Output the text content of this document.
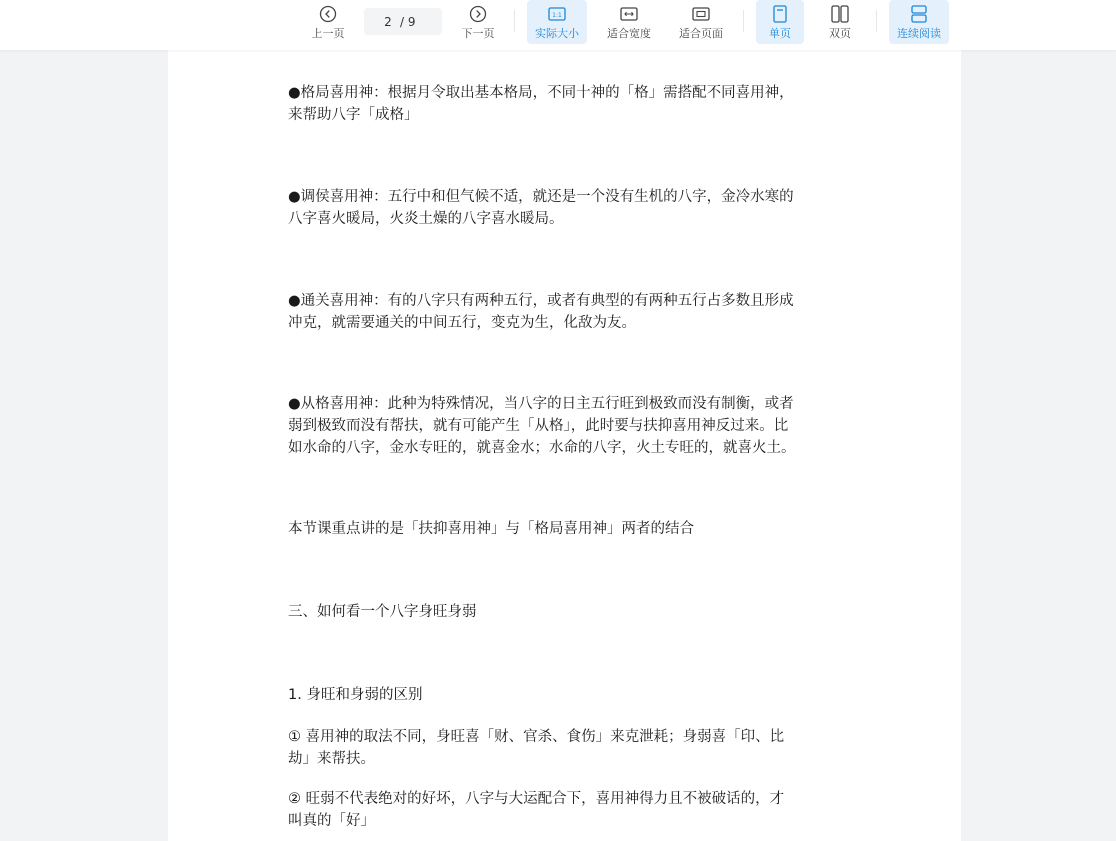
上一页
2 / 9
下一页
1:1
实际大小	适合宽度	适合页面	单页	双页	连续阅读
●格局喜用神：根据月令取出基本格局，不同十神的「格」需搭配不同喜用神，
来帮助八字「成格」
●调侯喜用神：五行中和但气候不适，就还是一个没有生机的八字，金冷水寒的
八字喜火暖局，火炎土燥的八字喜水暖局。
●通关喜用神：有的八字只有两种五行，或者有典型的有两种五行占多数且形成
冲克，就需要通关的中间五行，变克为生，化敌为友。
●从格喜用神：此种为特殊情况，当八字的日主五行旺到极致而没有制衡，或者
弱到极致而没有帮扶，就有可能产生「从格」，此时要与扶抑喜用神反过来。比
如水命的八字，金水专旺的，就喜金水；水命的八字，火土专旺的，就喜火土。
本节课重点讲的是「扶抑喜用神」与「格局喜用神」两者的结合
三、如何看一个八字身旺身弱
1. 身旺和身弱的区别
① 喜用神的取法不同，身旺喜「财、官杀、食伤」来克泄耗；身弱喜「印、比
劫」来帮扶。
② 旺弱不代表绝对的好坏，八字与大运配合下，喜用神得力且不被破话的，才
叫真的「好」
